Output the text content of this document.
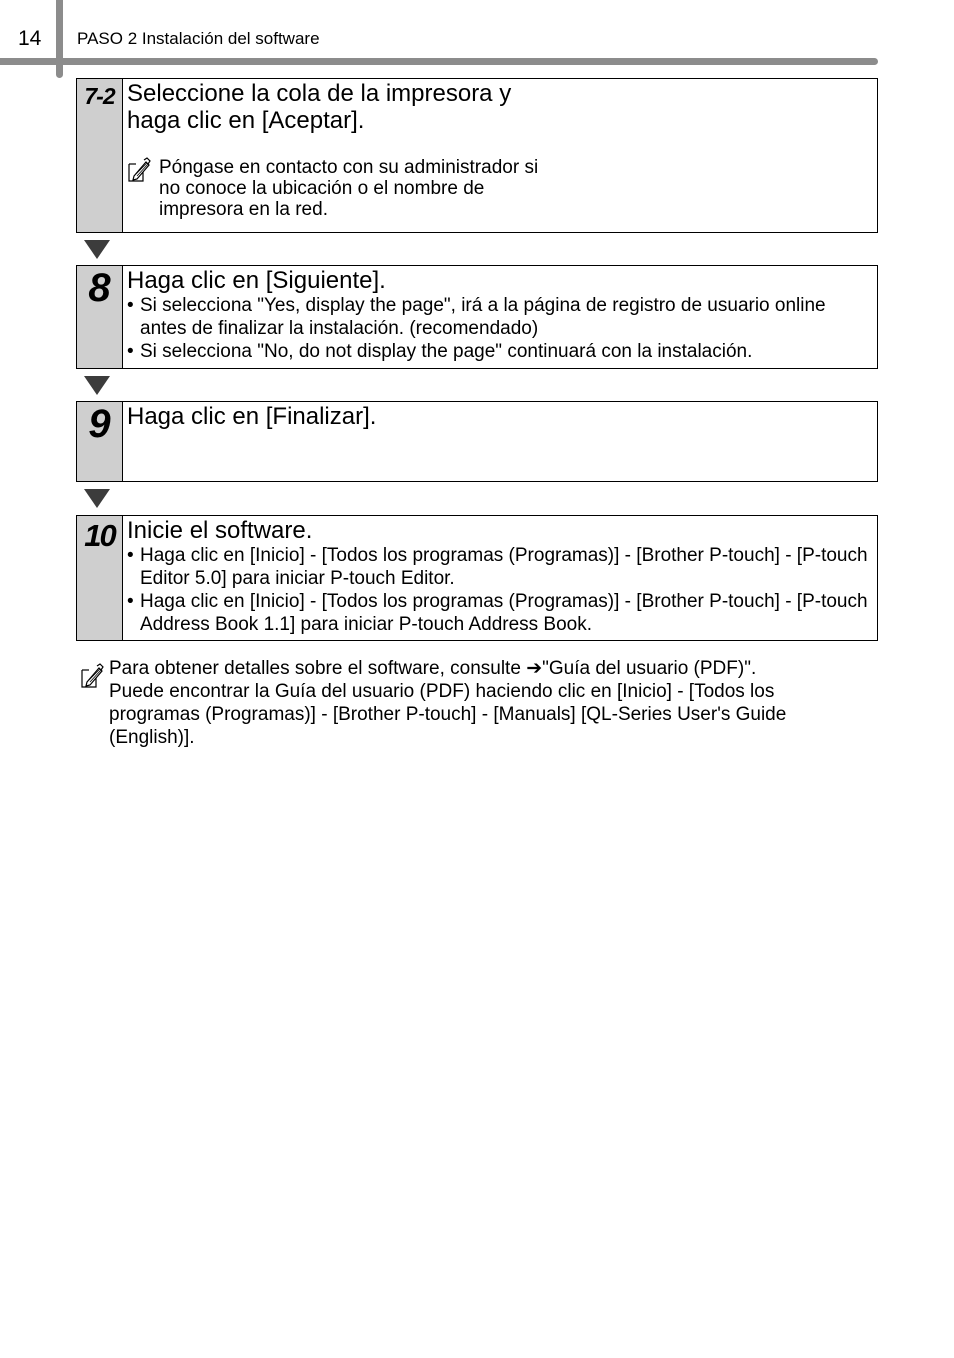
14 PASO 2 Instalación del software
7-2 Seleccione la cola de la impresora y
haga clic en [Aceptar].
Póngase en contacto con su administrador si
no conoce la ubicación o el nombre de
impresora en la red.
8 Haga clic en [Siguiente].
• Si selecciona "Yes, display the page", irá a la página de registro de usuario online antes de finalizar la instalación. (recomendado)
• Si selecciona "No, do not display the page" continuará con la instalación.
9 Haga clic en [Finalizar].
10 Inicie el software.
• Haga clic en [Inicio] - [Todos los programas (Programas)] - [Brother P-touch] - [P-touch Editor 5.0] para iniciar P-touch Editor.
• Haga clic en [Inicio] - [Todos los programas (Programas)] - [Brother P-touch] - [P-touch Address Book 1.1] para iniciar P-touch Address Book.
Para obtener detalles sobre el software, consulte ➔"Guía del usuario (PDF)".
Puede encontrar la Guía del usuario (PDF) haciendo clic en [Inicio] - [Todos los programas (Programas)] - [Brother P-touch] - [Manuals] [QL-Series User's Guide (English)].
